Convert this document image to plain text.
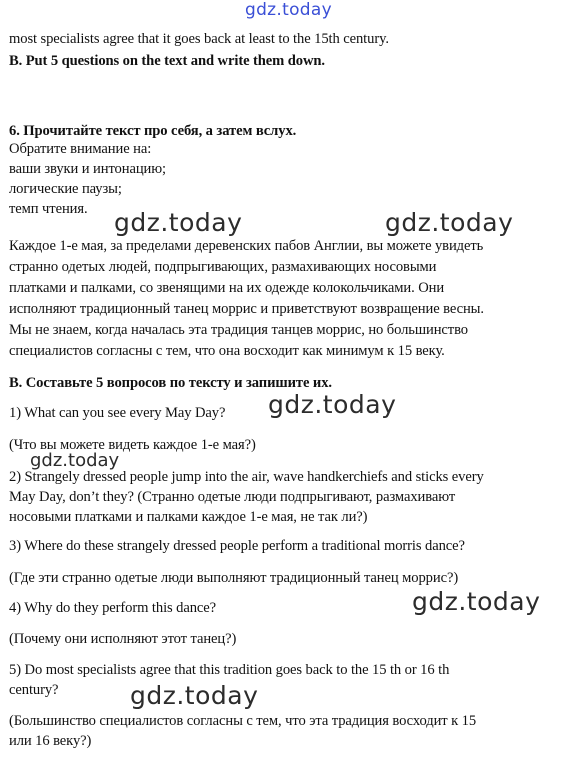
gdz.today
most specialists agree that it goes back at least to the 15th century.
B. Put 5 questions on the text and write them down.
6. Прочитайте текст про себя, а затем вслух.
Обратите внимание на:
ваши звуки и интонацию;
логические паузы;
темп чтения. gdz.today	gdz.today
Каждое 1-е мая, за пределами деревенских пабов Англии, вы можете увидеть
странно одетых людей, подпрыгивающих, размахивающих носовыми
платками и палками, со звенящими на их одежде колокольчиками. Они
исполняют традиционный танец моррис и приветствуют возвращение весны.
Мы не знаем, когда началась эта традиция танцев моррис, но большинство
специалистов согласны с тем, что она восходит как минимум к 15 веку.
B. Составьте 5 вопросов по тексту и запишите их.
1) What can you see every May Day? gdz.today
(Что вы можете видеть каждое 1-е мая?)
gdz.today
2) Strangely dressed people jump into the air, wave handkerchiefs and sticks every
May Day, don’t they? (Странно одетые люди подпрыгивают, размахивают
носовыми платками и палками каждое 1-е мая, не так ли?)
3) Where do these strangely dressed people perform a traditional morris dance?
(Где эти странно одетые люди выполняют традиционный танец моррис?)
4) Why do they perform this dance?	gdz.today
(Почему они исполняют этот танец?)
5) Do most specialists agree that this tradition goes back to the 15 th or 16 th
century?	gdz.today
(Большинство специалистов согласны с тем, что эта традиция восходит к 15
или 16 веку?)
